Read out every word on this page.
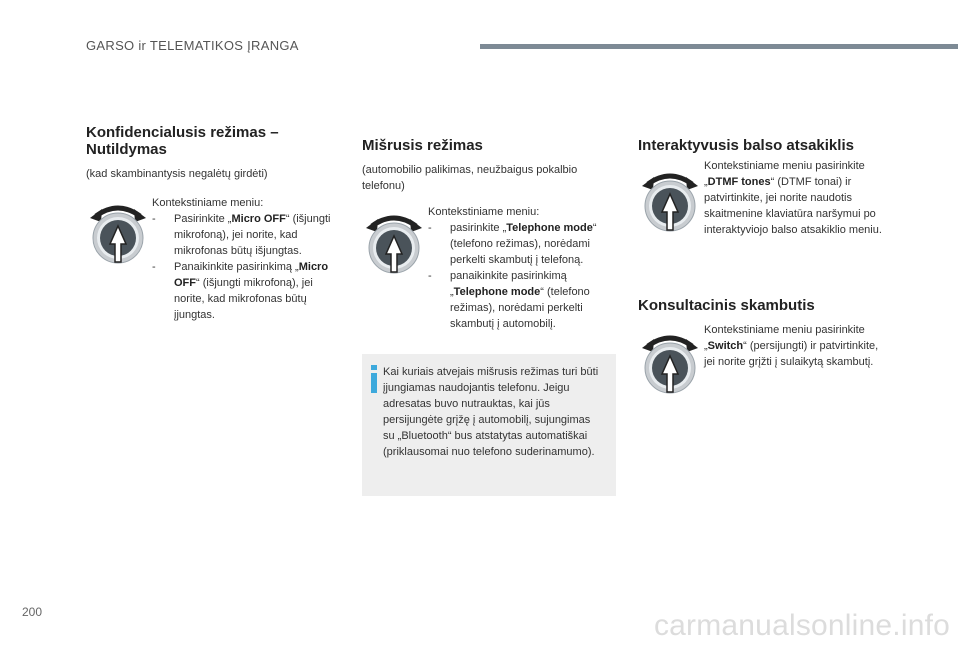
GARSO ir TELEMATIKOS ĮRANGA
Konfidencialusis režimas –
Nutildymas

(kad skambinantysis negalėtų girdėti)

Kontekstiniame meniu:
-	Pasirinkite „Micro OFF“ (išjungti mikrofoną), jei norite, kad mikrofonas būtų išjungtas.
-	Panaikinkite pasirinkimą „Micro OFF“ (išjungti mikrofoną), jei norite, kad mikrofonas būtų įjungtas.
Mišrusis režimas

(automobilio palikimas, neužbaigus pokalbio telefonu)

Kontekstiniame meniu:
-	pasirinkite „Telephone mode“ (telefono režimas), norėdami perkelti skambutį į telefoną.
-	panaikinkite pasirinkimą „Telephone mode“ (telefono režimas), norėdami perkelti skambutį į automobilį.
Kai kuriais atvejais mišrusis režimas turi būti įjungiamas naudojantis telefonu. Jeigu adresatas buvo nutrauktas, kai jūs persijungėte grįžę į automobilį, sujungimas su „Bluetooth“ bus atstatytas automatiškai (priklausomai nuo telefono suderinamumo).
Interaktyvusis balso atsakiklis
Kontekstiniame meniu pasirinkite „DTMF tones“ (DTMF tonai) ir patvirtinkite, jei norite naudotis skaitmenine klaviatūra naršymui po interaktyviojo balso atsakiklio meniu.
Konsultacinis skambutis
Kontekstiniame meniu pasirinkite „Switch“ (persijungti) ir patvirtinkite, jei norite grįžti į sulaikytą skambutį.
200	carmanualsonline.info
